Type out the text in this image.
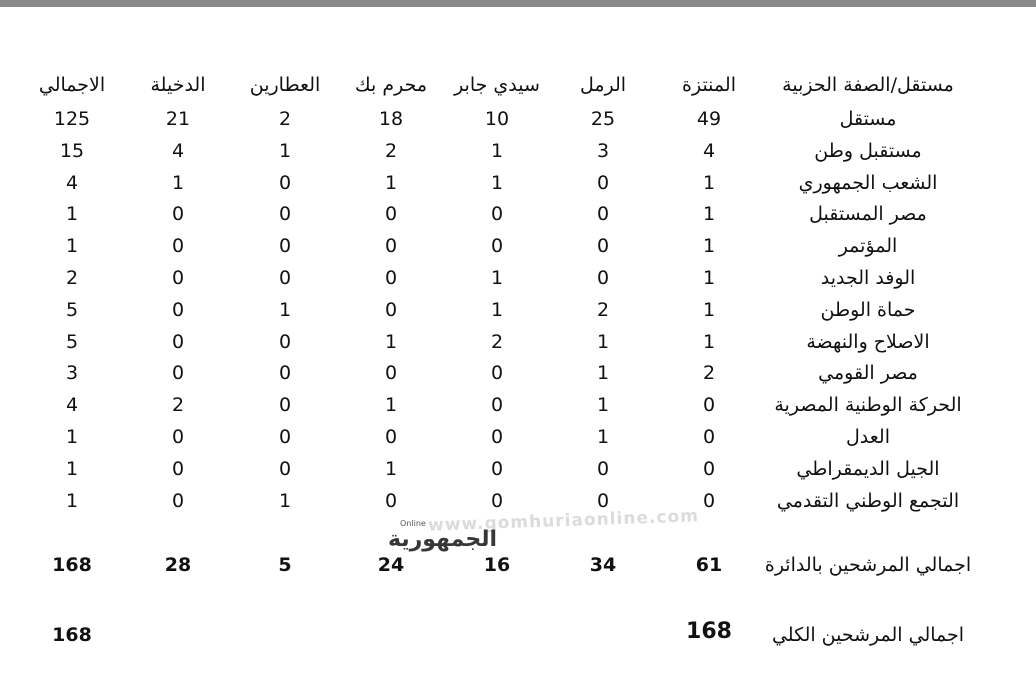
مستقل/الصفة الحزبية
المنتزة
الرمل
سيدي جابر
محرم بك
العطارين
الدخيلة
الاجمالي
مستقل
49
25
10
18
2
21
125
مستقبل وطن
4
3
1
2
1
4
15
الشعب الجمهوري
1
0
1
1
0
1
4
مصر المستقبل
1
0
0
0
0
0
1
المؤتمر
1
0
0
0
0
0
1
الوفد الجديد
1
0
1
0
0
0
2
حماة الوطن
1
2
1
0
1
0
5
الاصلاح والنهضة
1
1
2
1
0
0
5
مصر القومي
2
1
0
0
0
0
3
الحركة الوطنية المصرية
0
1
0
1
0
2
4
العدل
0
1
0
0
0
0
1
الجيل الديمقراطي
0
0
0
1
0
0
1
التجمع الوطني التقدمي
0
0
0
0
1
0
1
اجمالي المرشحين بالدائرة
61
34
16
24
5
28
168
اجمالي المرشحين الكلي
168
168
www.gomhuriaonline.com
Online
الجمهورية
